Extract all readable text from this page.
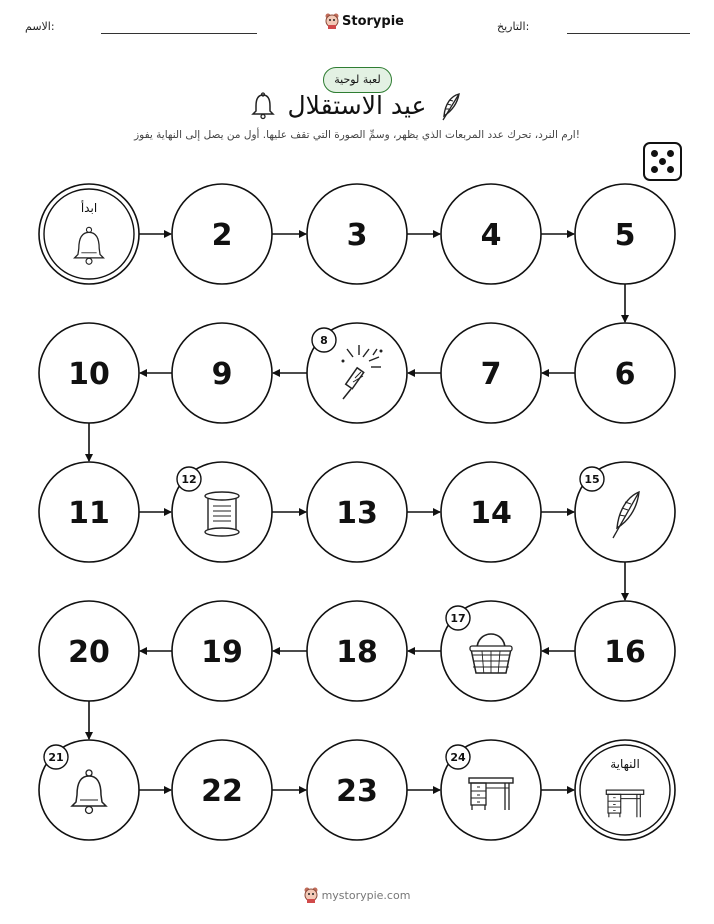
الاسم:	Storypie	التاريخ:
لعبة لوحية
عيد الاستقلال
ارم النرد، تحرك عدد المربعات الذي يظهر، وسمِّ الصورة التي تقف عليها. أول من يصل إلى النهاية يفوز!
ابدأ
2	3	4	5
6
7
8
9
10
11
12
13	14
15
16
17
18
19
20
21
22	23
24	النهاية
mystorypie.com
